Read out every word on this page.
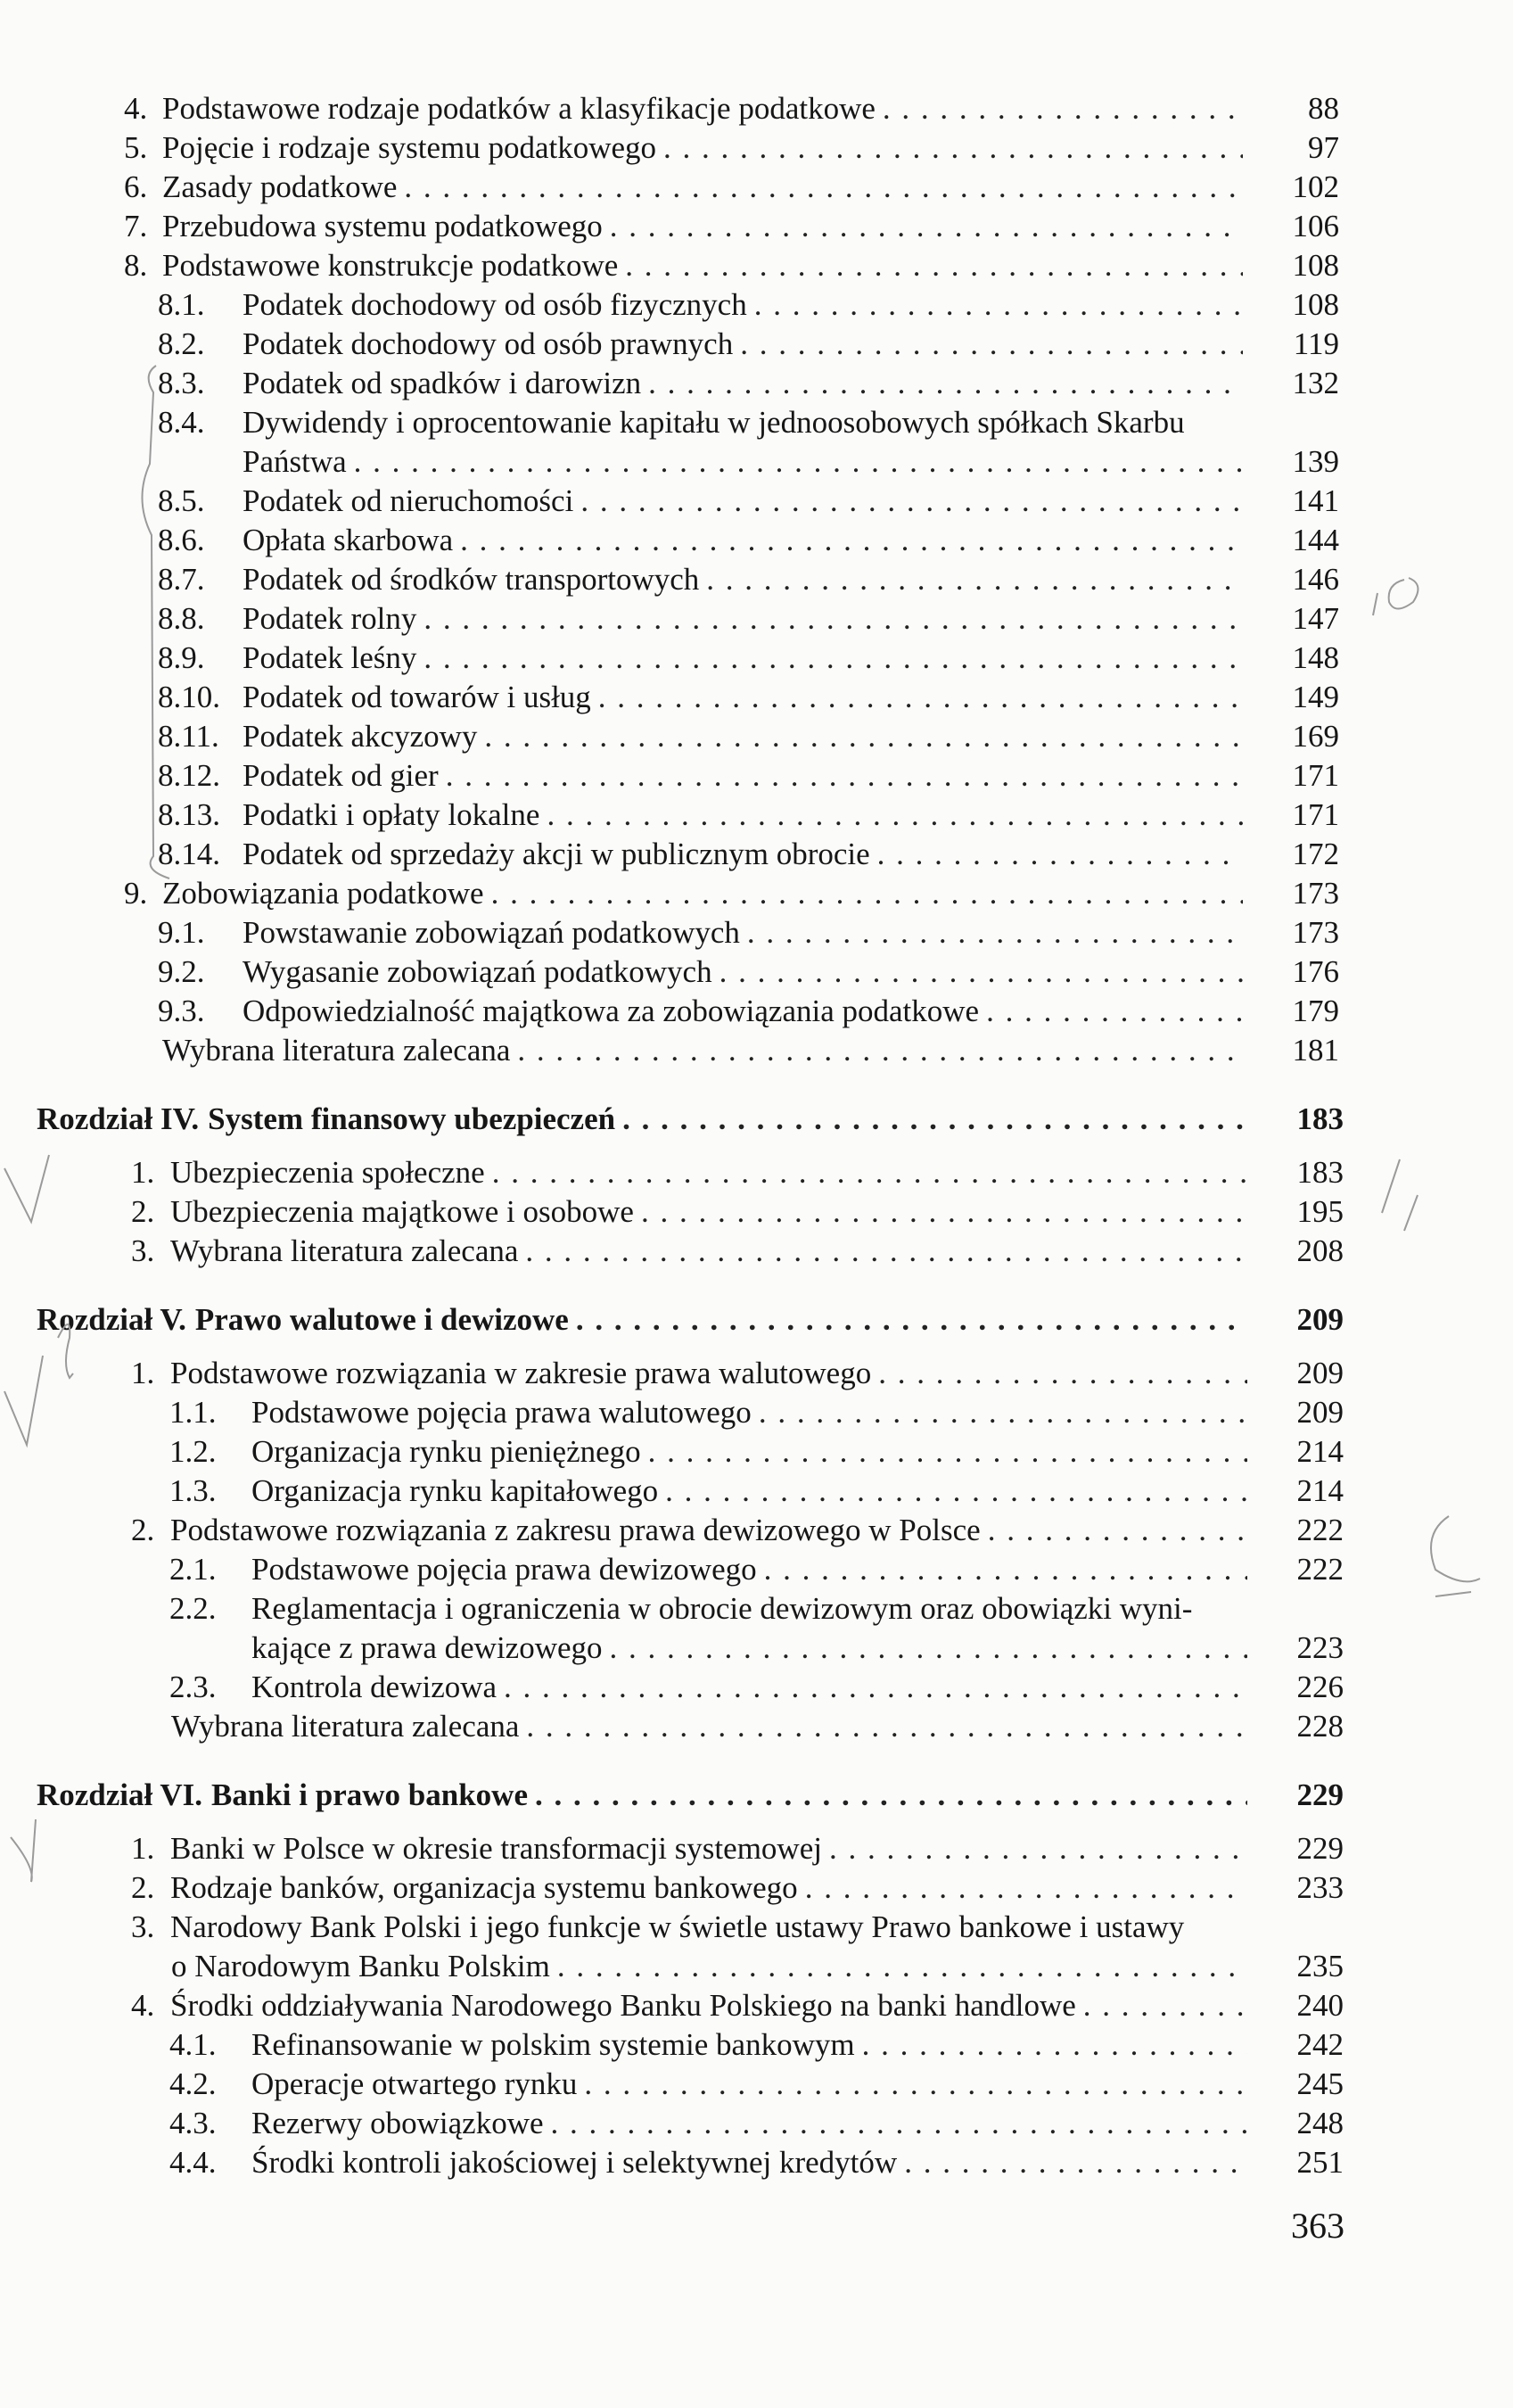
4. Podstawowe rodzaje podatków a klasyfikacje podatkowe . . .	88
5. Pojęcie i rodzaje systemu podatkowego . . .	97
6. Zasady podatkowe . . .	102
7. Przebudowa systemu podatkowego . . .	106
8. Podstawowe konstrukcje podatkowe . . .	108
8.1.	Podatek dochodowy od osób fizycznych . . .	108
8.2.	Podatek dochodowy od osób prawnych . . .	119
8.3.	Podatek od spadków i darowizn . . .	132
8.4.	Dywidendy i oprocentowanie kapitału w jednoosobowych spółkach Skarbu
Państwa . . .	139
8.5.	Podatek od nieruchomości . . .	141
8.6.	Opłata skarbowa . . .	144
8.7.	Podatek od środków transportowych . . .	146
8.8.	Podatek rolny . . .	147
8.9.	Podatek leśny . . .	148
8.10. Podatek od towarów i usług . . .	149
8.11. Podatek akcyzowy . . .	169
8.12. Podatek od gier . . .	171
8.13. Podatki i opłaty lokalne . . .	171
8.14. Podatek od sprzedaży akcji w publicznym obrocie . . .	172
9. Zobowiązania podatkowe . . .	173
9.1.	Powstawanie zobowiązań podatkowych . . .	173
9.2.	Wygasanie zobowiązań podatkowych . . .	176
9.3.	Odpowiedzialność majątkowa za zobowiązania podatkowe . . .	179
Wybrana literatura zalecana . . .	181
Rozdział IV. System finansowy ubezpieczeń . . .	183
1. Ubezpieczenia społeczne . . .	183
2. Ubezpieczenia majątkowe i osobowe . . .	195
3. Wybrana literatura zalecana . . .	208
Rozdział V. Prawo walutowe i dewizowe . . .	209
1. Podstawowe rozwiązania w zakresie prawa walutowego . . .	209
1.1.	Podstawowe pojęcia prawa walutowego . . .	209
1.2.	Organizacja rynku pieniężnego . . .	214
1.3.	Organizacja rynku kapitałowego . . .	214
2. Podstawowe rozwiązania z zakresu prawa dewizowego w Polsce . . .	222
2.1.	Podstawowe pojęcia prawa dewizowego . . .	222
2.2.	Reglamentacja i ograniczenia w obrocie dewizowym oraz obowiązki wyni-
kające z prawa dewizowego . . .	223
2.3.	Kontrola dewizowa . . .	226
Wybrana literatura zalecana . . .	228
Rozdział VI. Banki i prawo bankowe . . .	229
1. Banki w Polsce w okresie transformacji systemowej . . .	229
2. Rodzaje banków, organizacja systemu bankowego . . .	233
3. Narodowy Bank Polski i jego funkcje w świetle ustawy Prawo bankowe i ustawy
o Narodowym Banku Polskim . . .	235
4. Środki oddziaływania Narodowego Banku Polskiego na banki handlowe . . .	240
4.1.	Refinansowanie w polskim systemie bankowym . . .	242
4.2.	Operacje otwartego rynku . . .	245
4.3.	Rezerwy obowiązkowe . . .	248
4.4.	Środki kontroli jakościowej i selektywnej kredytów . . .	251
363
